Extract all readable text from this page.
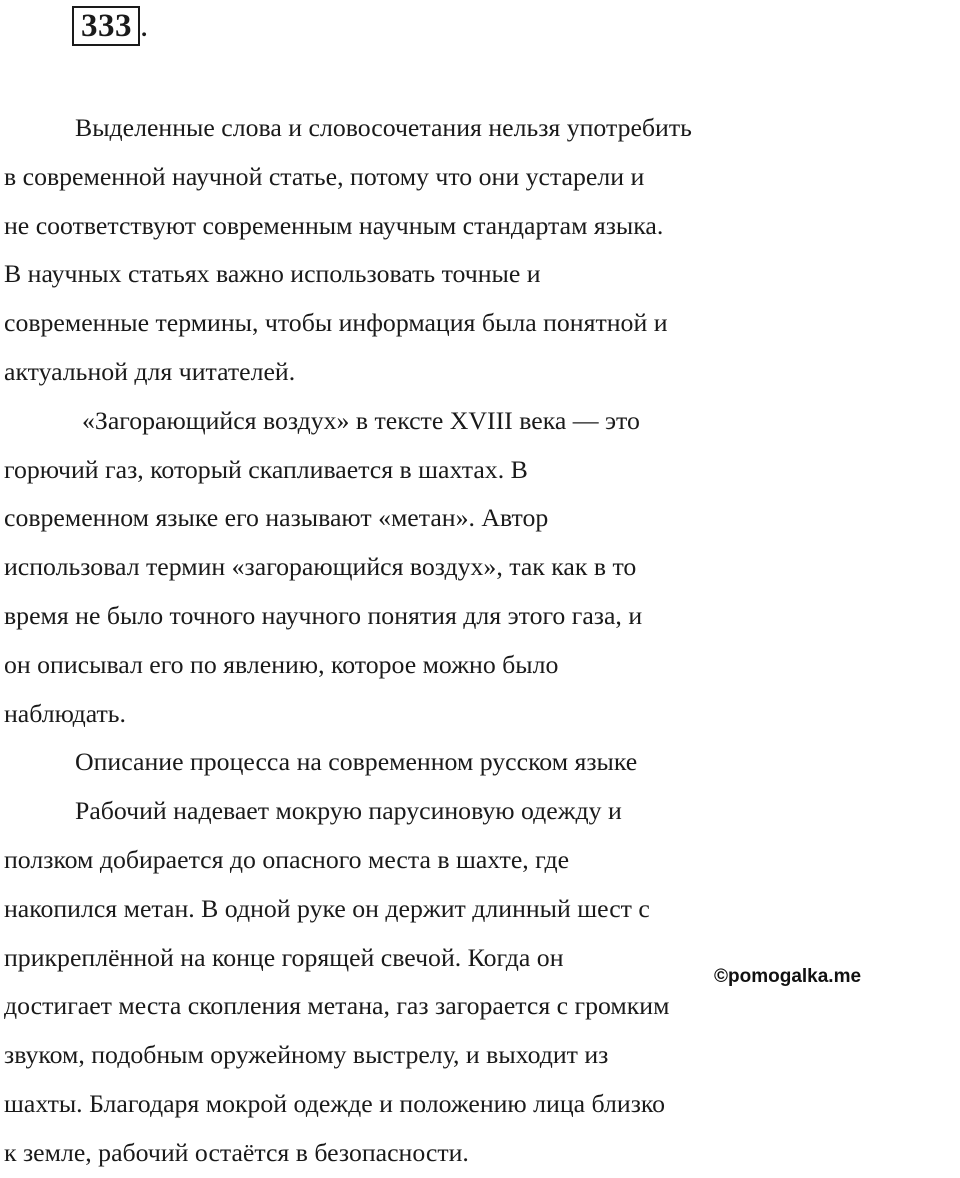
333 .
Выделенные слова и словосочетания нельзя употребить
в современной научной статье, потому что они устарели и
не соответствуют современным научным стандартам языка.
В научных статьях важно использовать точные и
современные термины, чтобы информация была понятной и
актуальной для читателей.
«Загорающийся воздух» в тексте XVIII века — это
горючий газ, который скапливается в шахтах. В
современном языке его называют «метан». Автор
использовал термин «загорающийся воздух», так как в то
время не было точного научного понятия для этого газа, и
он описывал его по явлению, которое можно было
наблюдать.
Описание процесса на современном русском языке
Рабочий надевает мокрую парусиновую одежду и
ползком добирается до опасного места в шахте, где
накопился метан. В одной руке он держит длинный шест с
прикреплённой на конце горящей свечой. Когда он
достигает места скопления метана, газ загорается с громким
звуком, подобным оружейному выстрелу, и выходит из
шахты. Благодаря мокрой одежде и положению лица близко
к земле, рабочий остаётся в безопасности.
©pomogalka.me
